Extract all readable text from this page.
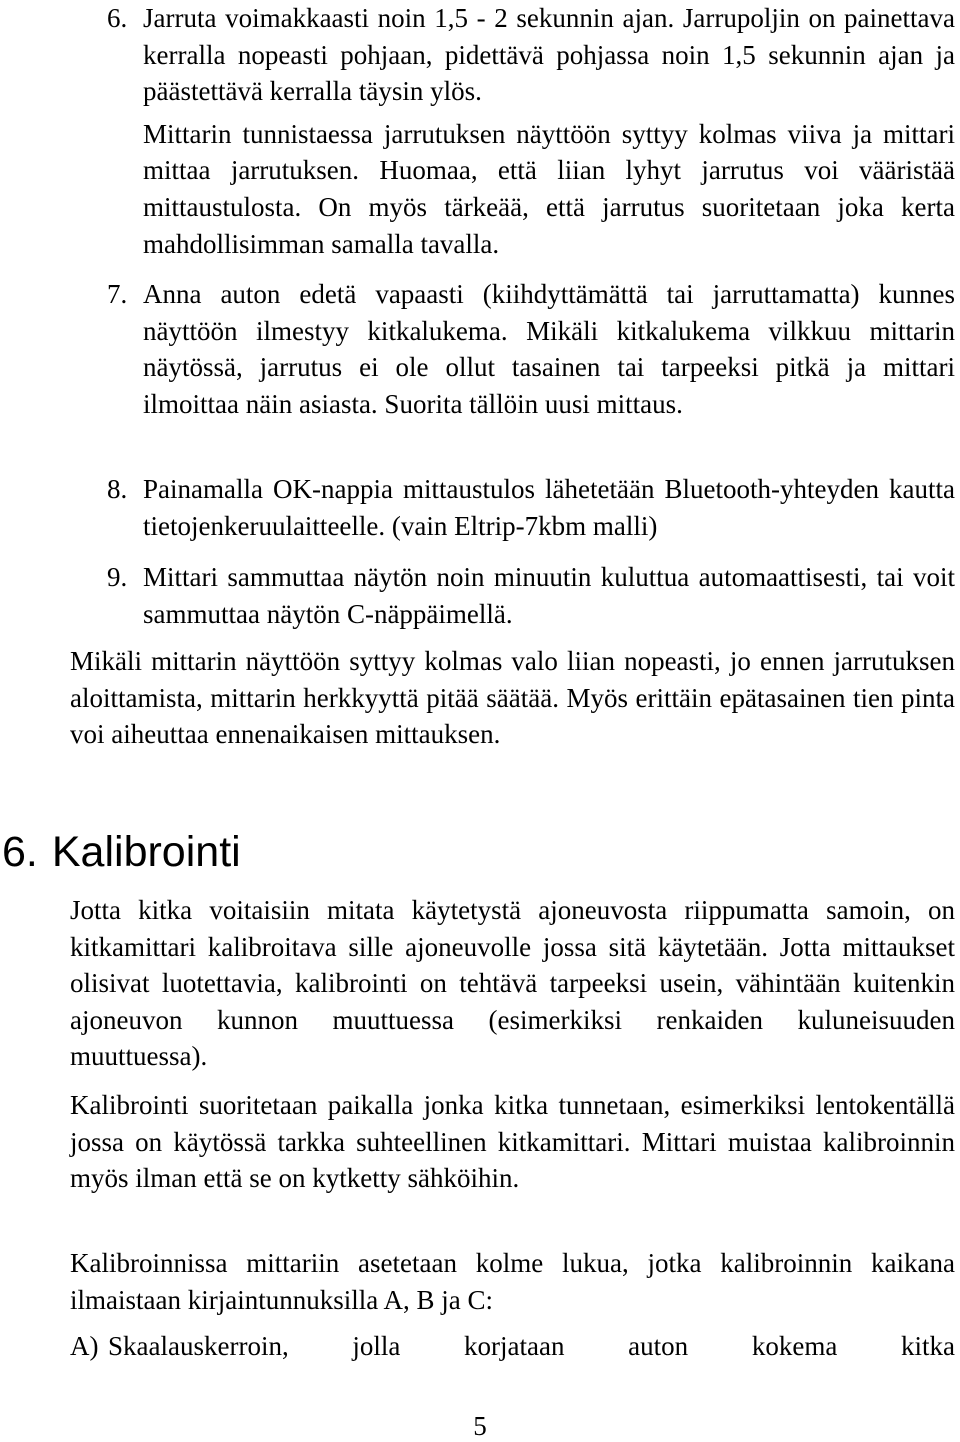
6. Jarruta voimakkaasti noin 1,5 - 2 sekunnin ajan. Jarrupoljin on painettava kerralla nopeasti pohjaan, pidettävä pohjassa noin 1,5 sekunnin ajan ja päästettävä kerralla täysin ylös.

Mittarin tunnistaessa jarrutuksen näyttöön syttyy kolmas viiva ja mittari mittaa jarrutuksen. Huomaa, että liian lyhyt jarrutus voi vääristää mittaustulosta. On myös tärkeää, että jarrutus suoritetaan joka kerta mahdollisimman samalla tavalla.

7. Anna auton edetä vapaasti (kiihdyttämättä tai jarruttamatta) kunnes näyttöön ilmestyy kitkalukema. Mikäli kitkalukema vilkkuu mittarin näytössä, jarrutus ei ole ollut tasainen tai tarpeeksi pitkä ja mittari ilmoittaa näin asiasta. Suorita tällöin uusi mittaus.

8. Painamalla OK-nappia mittaustulos lähetetään Bluetooth-yhteyden kautta tietojenkeruulaitteelle. (vain Eltrip-7kbm malli)

9. Mittari sammuttaa näytön noin minuutin kuluttua automaattisesti, tai voit sammuttaa näytön C-näppäimellä.

Mikäli mittarin näyttöön syttyy kolmas valo liian nopeasti, jo ennen jarrutuksen aloittamista, mittarin herkkyyttä pitää säätää. Myös erittäin epätasainen tien pinta voi aiheuttaa ennenaikaisen mittauksen.

6. Kalibrointi

Jotta kitka voitaisiin mitata käytetystä ajoneuvosta riippumatta samoin, on kitkamittari kalibroitava sille ajoneuvolle jossa sitä käytetään. Jotta mittaukset olisivat luotettavia, kalibrointi on tehtävä tarpeeksi usein, vähintään kuitenkin ajoneuvon kunnon muuttuessa (esimerkiksi renkaiden kuluneisuuden muuttuessa).

Kalibrointi suoritetaan paikalla jonka kitka tunnetaan, esimerkiksi lentokentällä jossa on käytössä tarkka suhteellinen kitkamittari. Mittari muistaa kalibroinnin myös ilman että se on kytketty sähköihin.

Kalibroinnissa mittariin asetetaan kolme lukua, jotka kalibroinnin kaikana ilmaistaan kirjaintunnuksilla A, B ja C:

A) Skaalauskerroin, jolla korjataan auton kokema kitka

5
